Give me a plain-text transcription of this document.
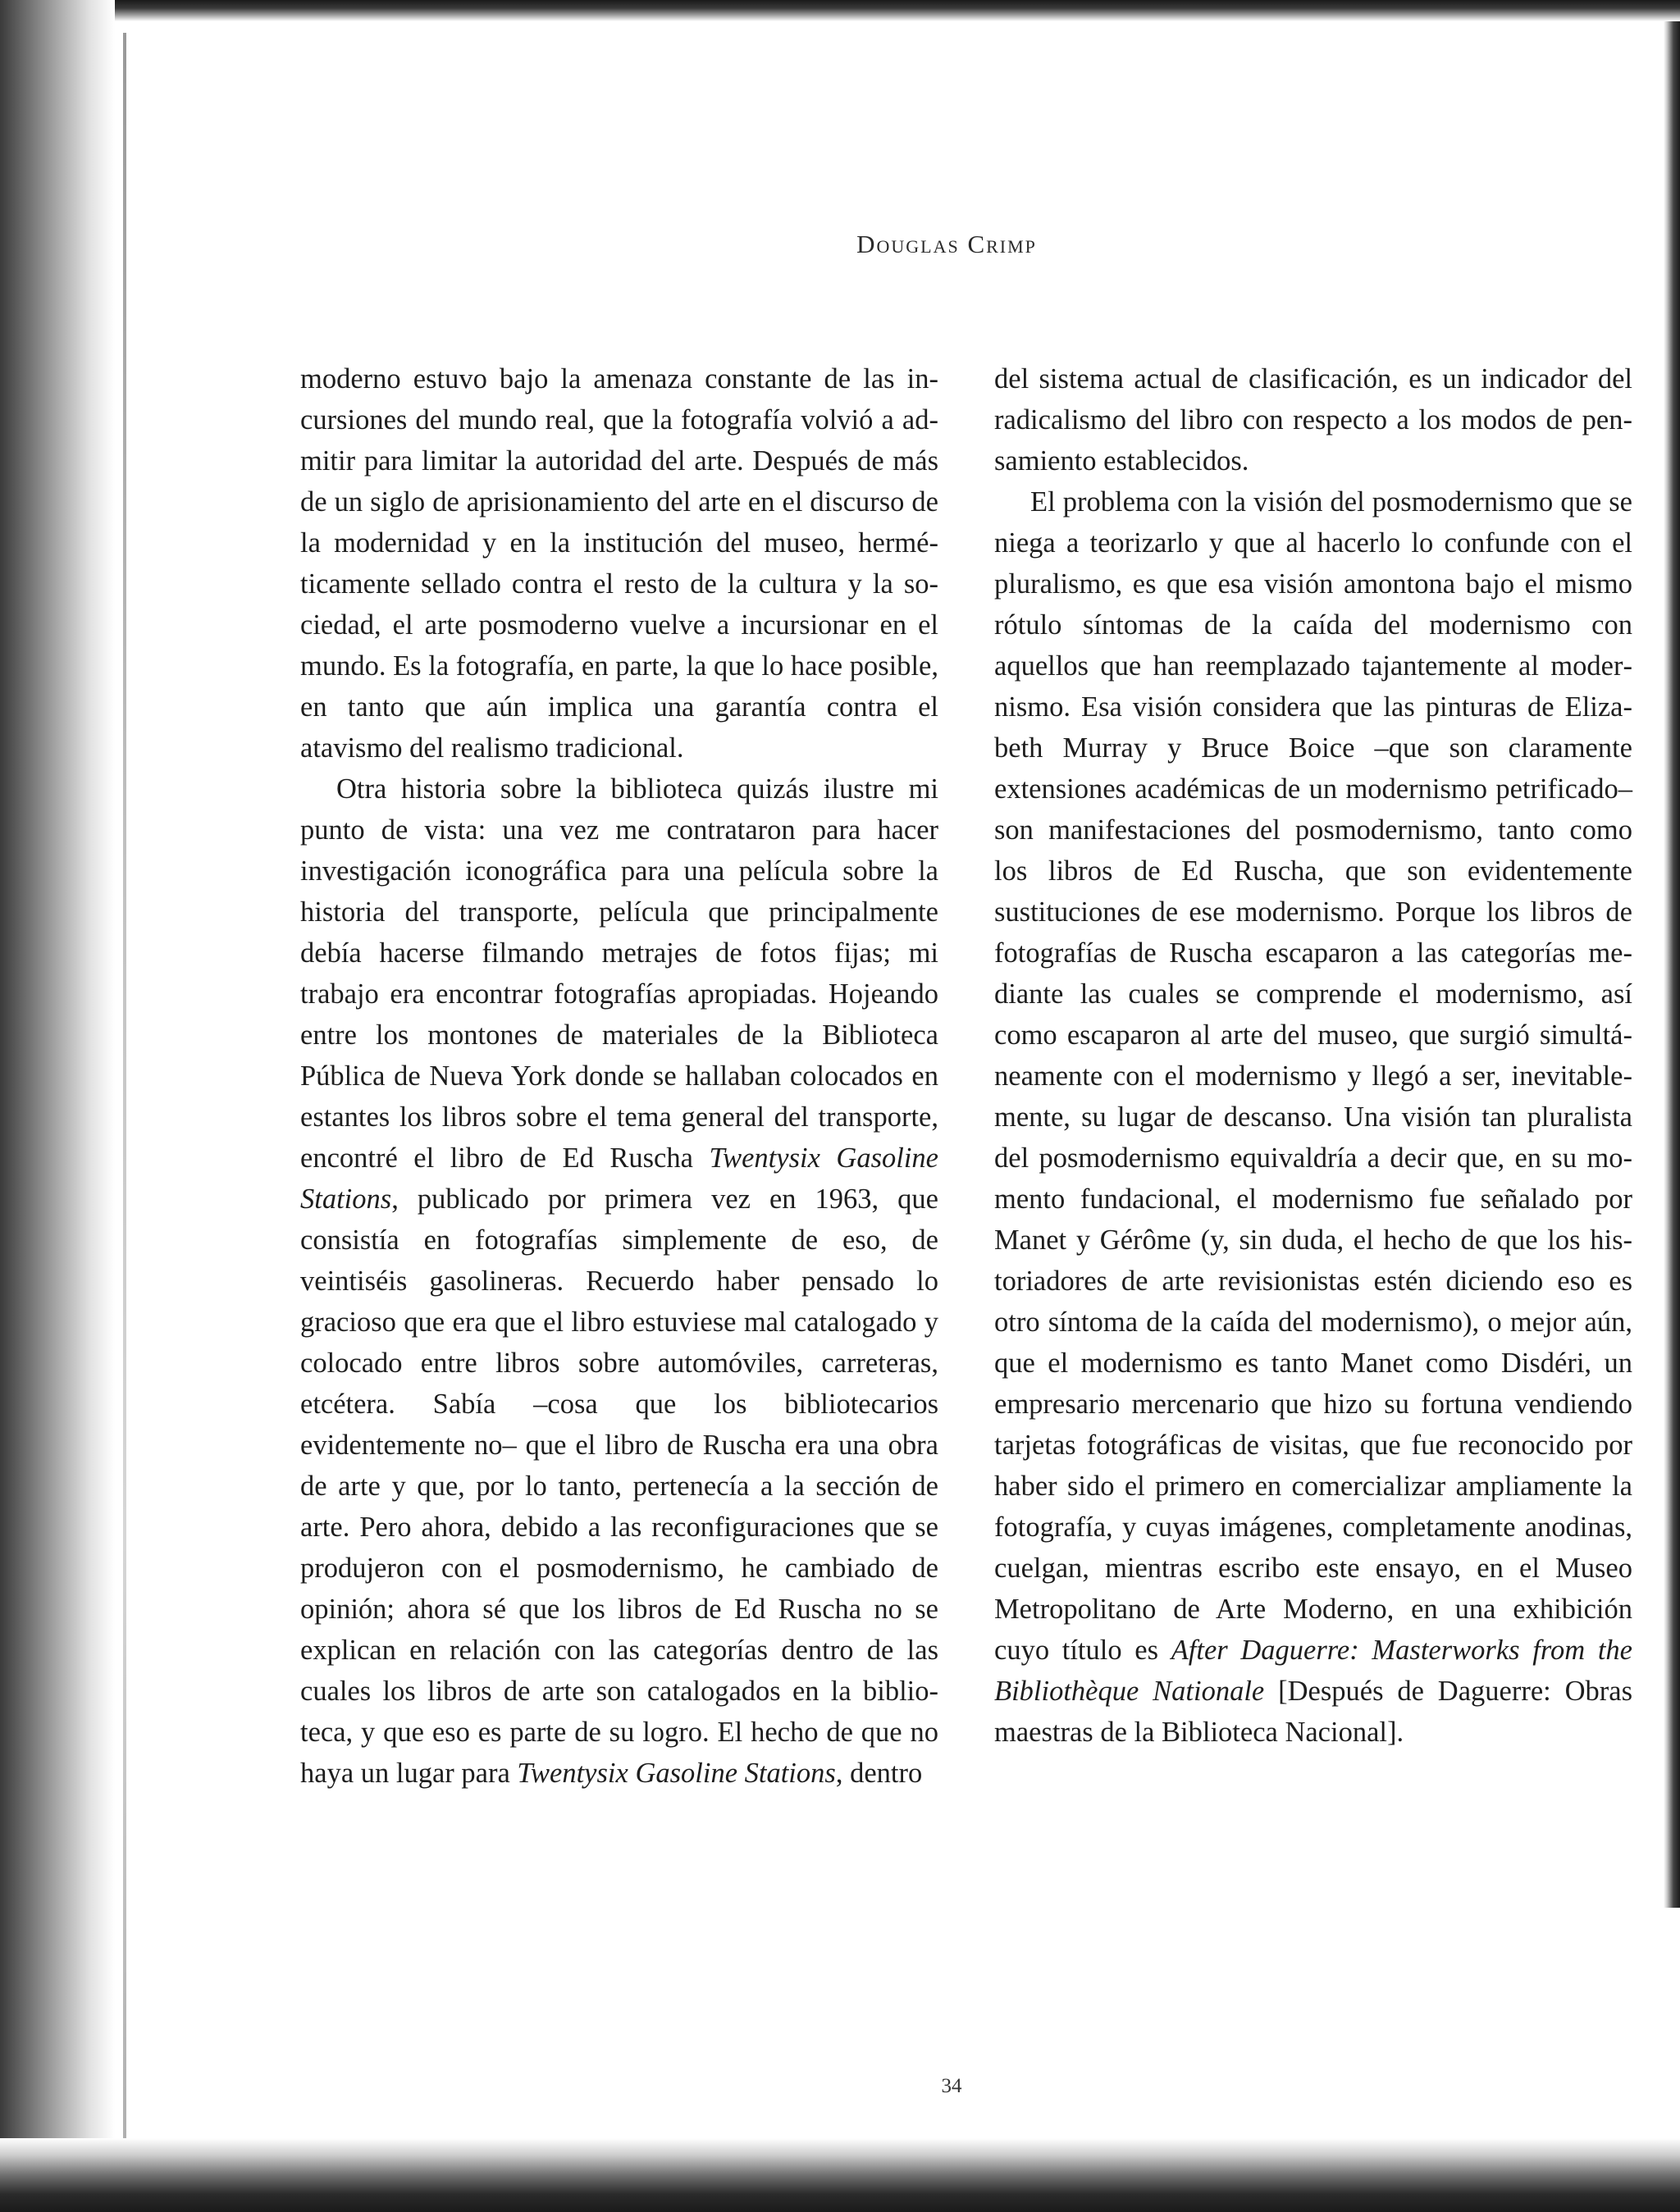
Douglas Crimp

moderno estuvo bajo la amenaza constante de las incursiones del mundo real, que la fotografía volvió a admitir para limitar la autoridad del arte. Después de más de un siglo de aprisionamiento del arte en el discurso de la modernidad y en la institución del museo, herméticamente sellado contra el resto de la cultura y la sociedad, el arte posmoderno vuelve a incursionar en el mundo. Es la fotografía, en parte, la que lo hace posible, en tanto que aún implica una garantía contra el atavismo del realismo tradicional.

Otra historia sobre la biblioteca quizás ilustre mi punto de vista: una vez me contrataron para hacer investigación iconográfica para una película sobre la historia del transporte, película que principalmente debía hacerse filmando metrajes de fotos fijas; mi trabajo era encontrar fotografías apropiadas. Hojeando entre los montones de materiales de la Biblioteca Pública de Nueva York donde se hallaban colocados en estantes los libros sobre el tema general del transporte, encontré el libro de Ed Ruscha Twentysix Gasoline Stations, publicado por primera vez en 1963, que consistía en fotografías simplemente de eso, de veintiséis gasolineras. Recuerdo haber pensado lo gracioso que era que el libro estuviese mal catalogado y colocado entre libros sobre automóviles, carreteras, etcétera. Sabía –cosa que los bibliotecarios evidentemente no– que el libro de Ruscha era una obra de arte y que, por lo tanto, pertenecía a la sección de arte. Pero ahora, debido a las reconfiguraciones que se produjeron con el posmodernismo, he cambiado de opinión; ahora sé que los libros de Ed Ruscha no se explican en relación con las categorías dentro de las cuales los libros de arte son catalogados en la biblioteca, y que eso es parte de su logro. El hecho de que no haya un lugar para Twentysix Gasoline Stations, dentro

del sistema actual de clasificación, es un indicador del radicalismo del libro con respecto a los modos de pensamiento establecidos.

El problema con la visión del posmodernismo que se niega a teorizarlo y que al hacerlo lo confunde con el pluralismo, es que esa visión amontona bajo el mismo rótulo síntomas de la caída del modernismo con aquellos que han reemplazado tajantemente al modernismo. Esa visión considera que las pinturas de Elizabeth Murray y Bruce Boice –que son claramente extensiones académicas de un modernismo petrificado– son manifestaciones del posmodernismo, tanto como los libros de Ed Ruscha, que son evidentemente sustituciones de ese modernismo. Porque los libros de fotografías de Ruscha escaparon a las categorías mediante las cuales se comprende el modernismo, así como escaparon al arte del museo, que surgió simultáneamente con el modernismo y llegó a ser, inevitablemente, su lugar de descanso. Una visión tan pluralista del posmodernismo equivaldría a decir que, en su momento fundacional, el modernismo fue señalado por Manet y Gérôme (y, sin duda, el hecho de que los historiadores de arte revisionistas estén diciendo eso es otro síntoma de la caída del modernismo), o mejor aún, que el modernismo es tanto Manet como Disdéri, un empresario mercenario que hizo su fortuna vendiendo tarjetas fotográficas de visitas, que fue reconocido por haber sido el primero en comercializar ampliamente la fotografía, y cuyas imágenes, completamente anodinas, cuelgan, mientras escribo este ensayo, en el Museo Metropolitano de Arte Moderno, en una exhibición cuyo título es After Daguerre: Masterworks from the Bibliothèque Nationale [Después de Daguerre: Obras maestras de la Biblioteca Nacional].

34
